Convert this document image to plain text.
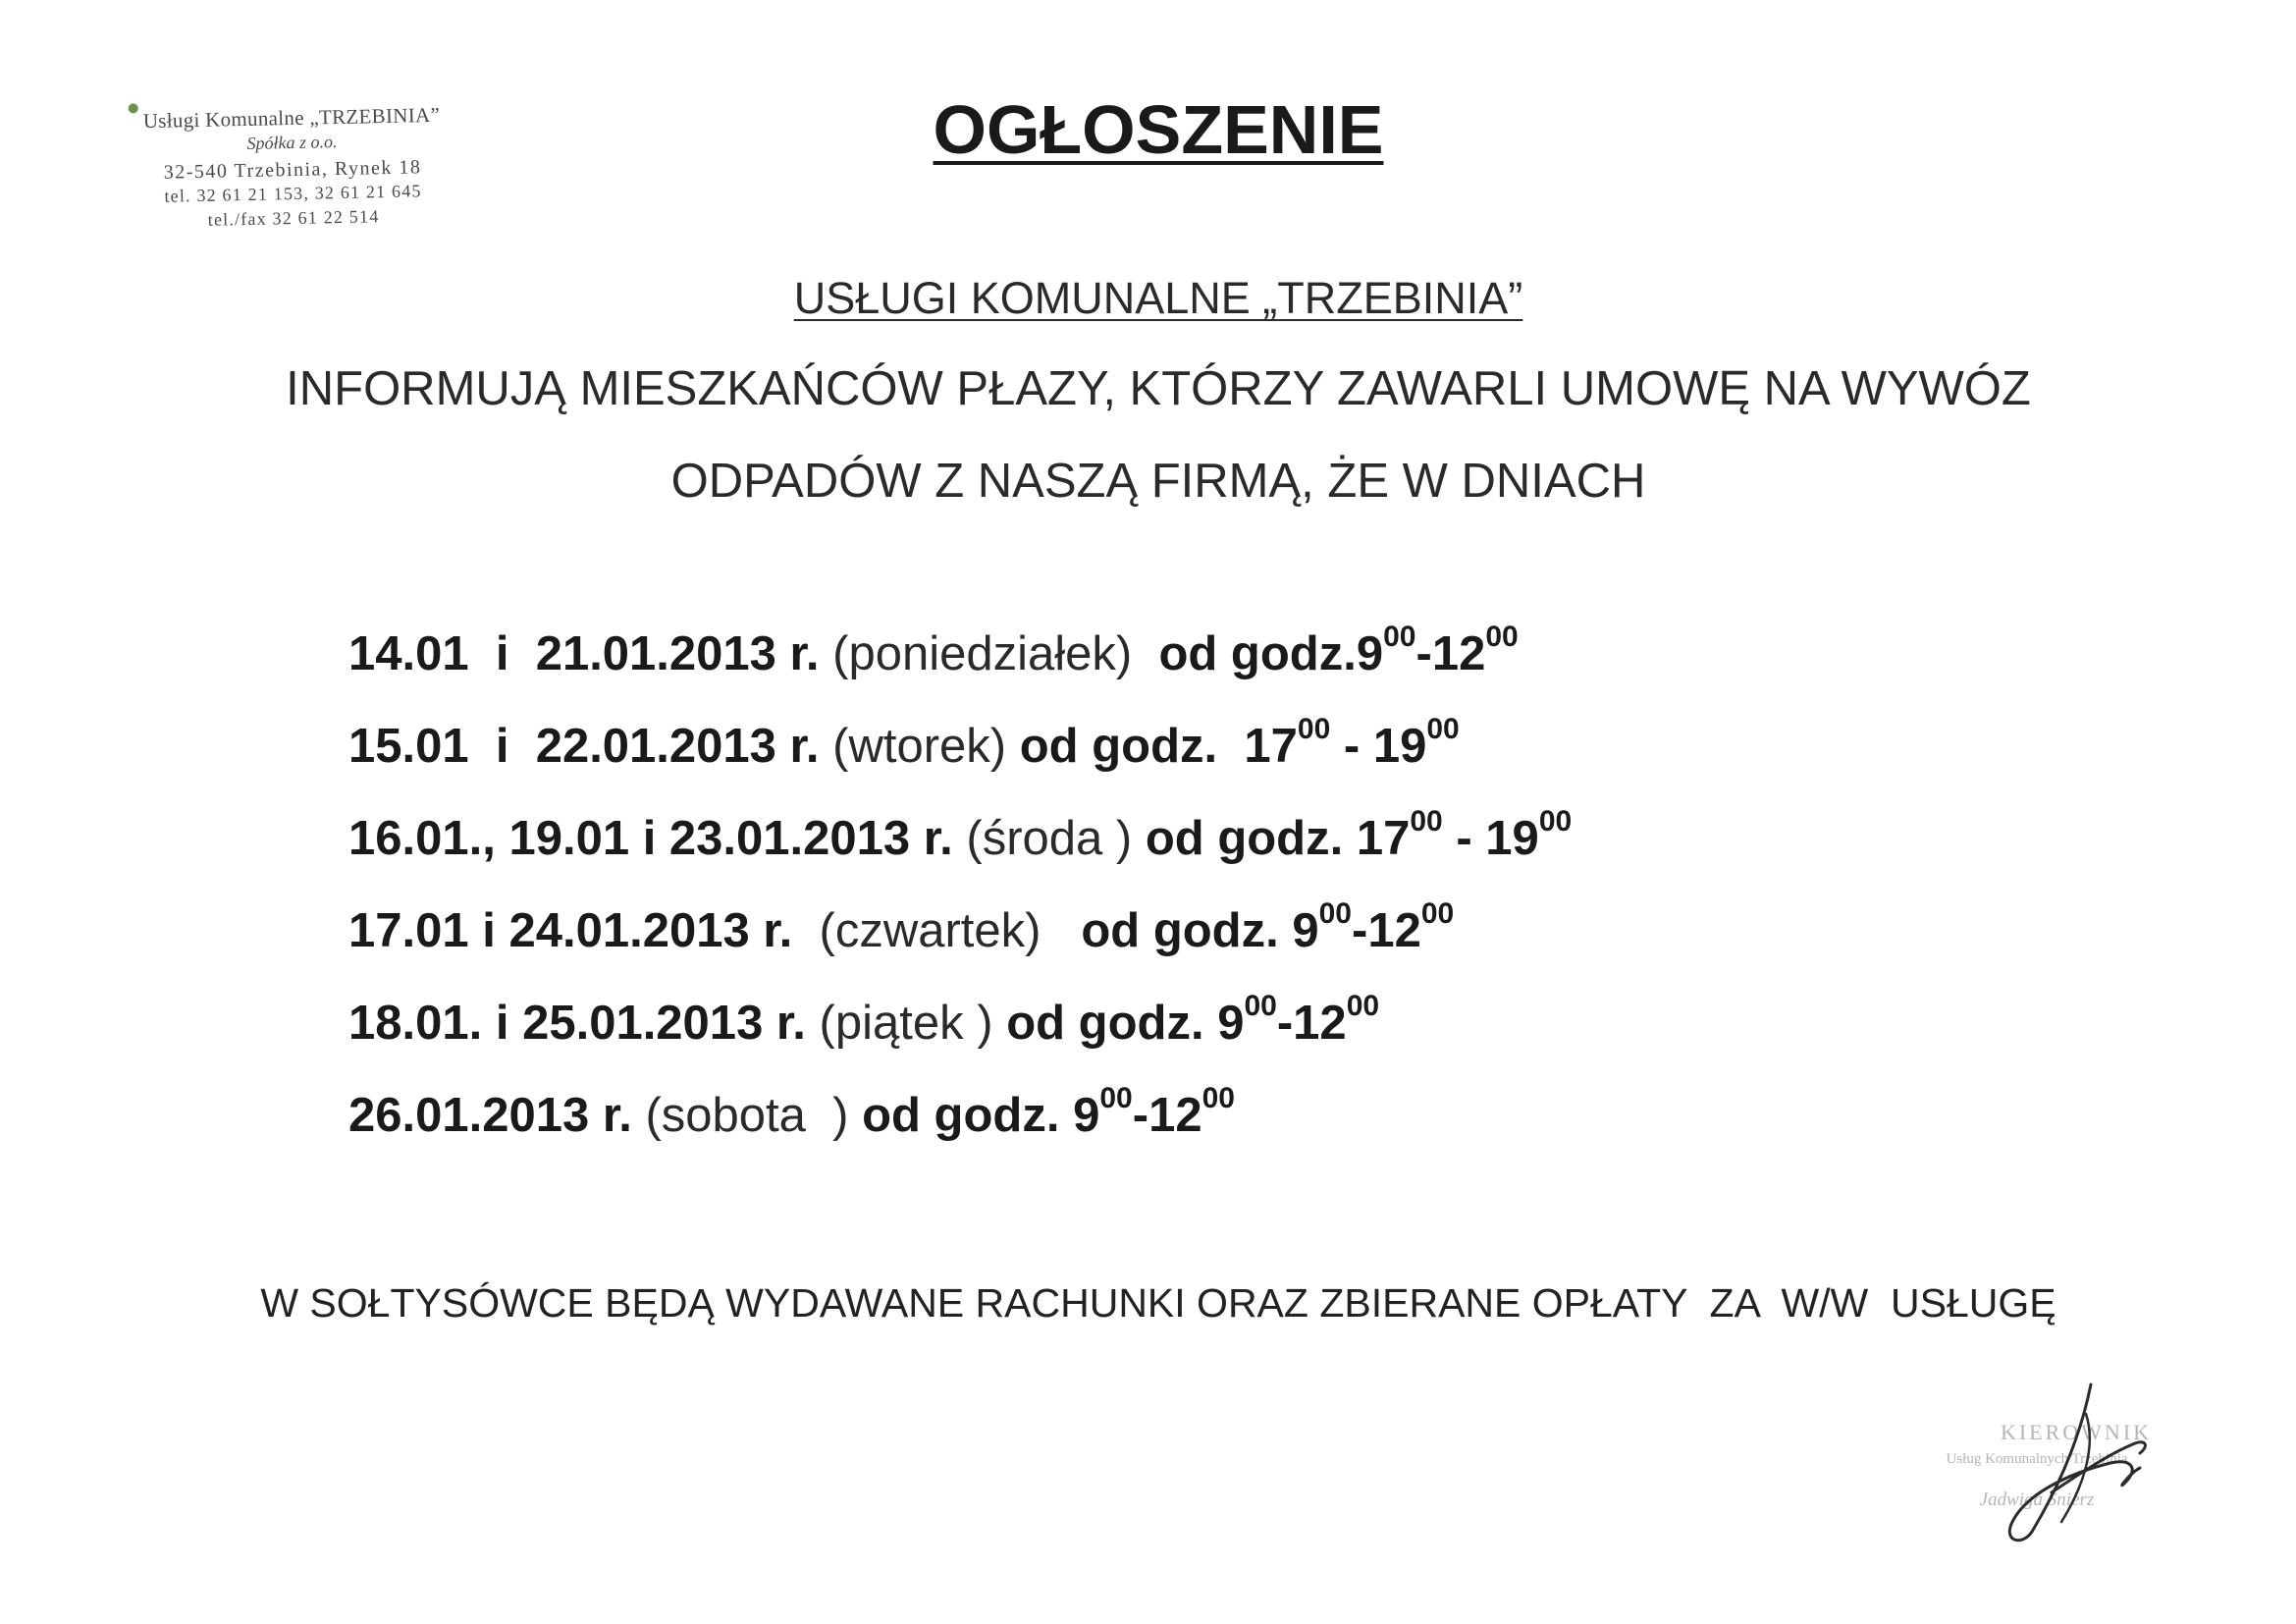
Usługi Komunalne „TRZEBINIA”
Spółka z o.o.
32-540 Trzebinia, Rynek 18
tel. 32 61 21 153, 32 61 21 645
tel./fax 32 61 22 514
OGŁOSZENIE
USŁUGI KOMUNALNE „TRZEBINIA”
INFORMUJĄ MIESZKAŃCÓW PŁAZY, KTÓRZY ZAWARLI UMOWĘ NA WYWÓZ
ODPADÓW Z NASZĄ FIRMĄ, ŻE W DNIACH
14.01  i  21.01.2013 r. (poniedziałek) od $godz.9^{00}-12^{00}$
15.01  i  22.01.2013 r. (wtorek) od godz. $17^{00} - 19^{00}$
16.01., 19.01 i 23.01.2013 r. (środa ) od godz. $17^{00} - 19^{00}$
17.01 i 24.01.2013 r. (czwartek) od godz. $9^{00}-12^{00}$
18.01. i 25.01.2013 r. (piątek ) od godz. $9^{00}-12^{00}$
26.01.2013 r. (sobota  ) od godz. $9^{00}-12^{00}$
W SOŁTYSÓWCE BĘDĄ WYDAWANE RACHUNKI ORAZ ZBIERANE OPŁATY  ZA  W/W  USŁUGĘ
KIEROWNIK
Usług Komunalnych Trzebinia
Jadwiga Śnierz
